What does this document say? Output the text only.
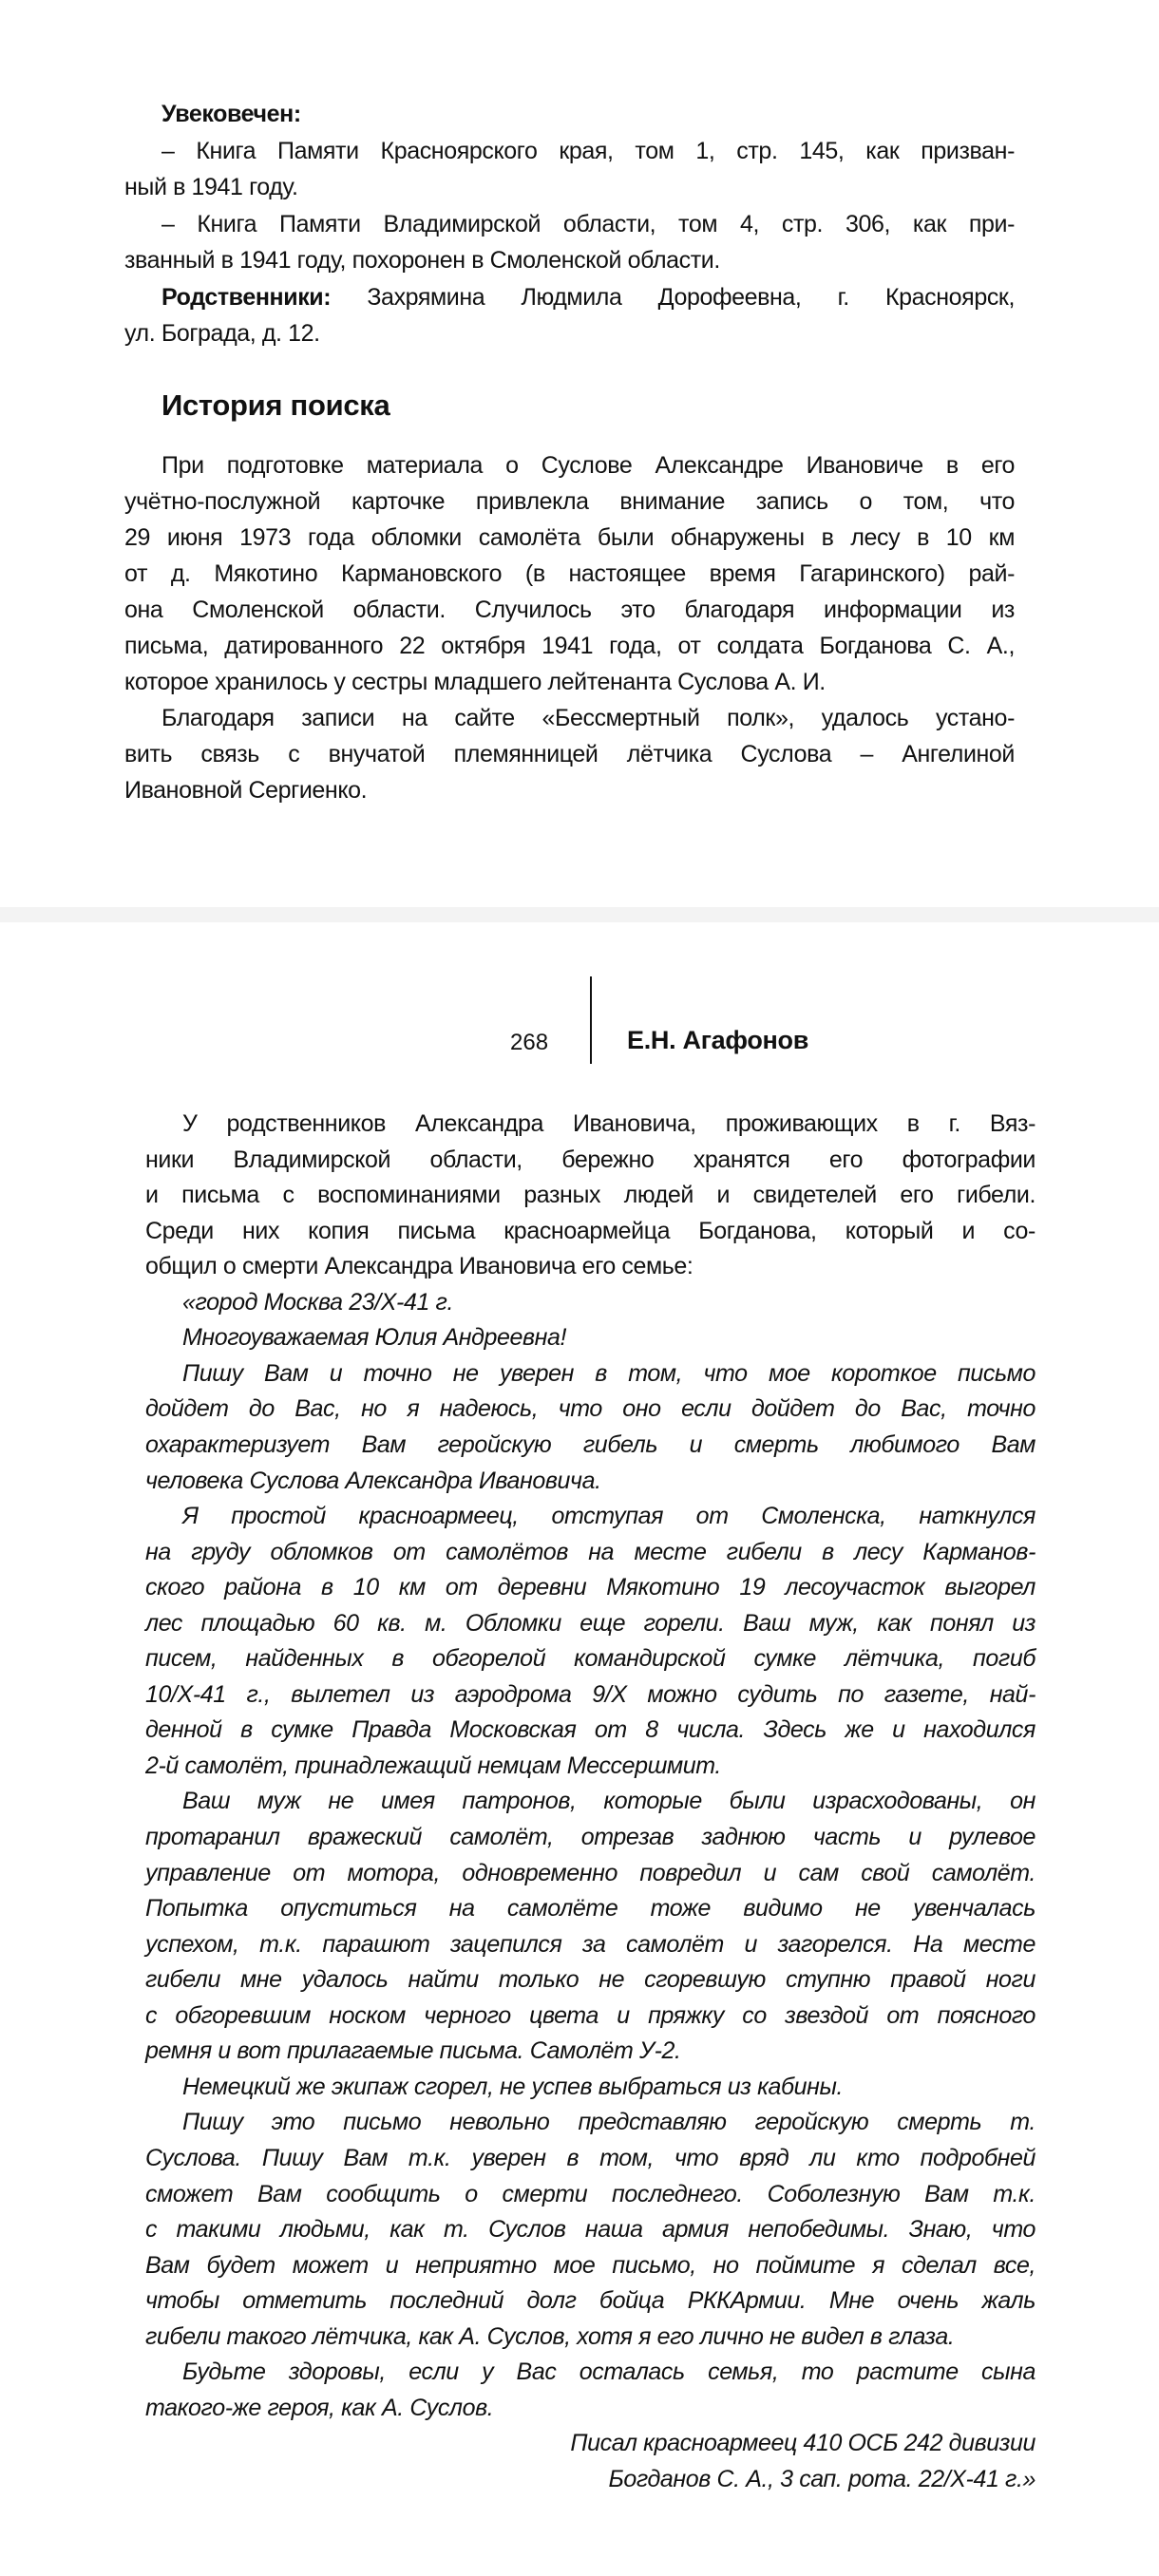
Увековечен:
– Книга Памяти Красноярского края, том 1, стр. 145, как призван-
ный в 1941 году.
– Книга Памяти Владимирской области, том 4, стр. 306, как при-
званный в 1941 году, похоронен в Смоленской области.
Родственники: Захрямина Людмила Дорофеевна, г. Красноярск,
ул. Бограда, д. 12.
История поиска
При подготовке материала о Суслове Александре Ивановиче в его
учётно-послужной карточке привлекла внимание запись о том, что
29 июня 1973 года обломки самолёта были обнаружены в лесу в 10 км
от д. Мякотино Кармановского (в настоящее время Гагаринского) рай-
она Смоленской области. Случилось это благодаря информации из
письма, датированного 22 октября 1941 года, от солдата Богданова С. А.,
которое хранилось у сестры младшего лейтенанта Суслова А. И.
Благодаря записи на сайте «Бессмертный полк», удалось устано-
вить связь с внучатой племянницей лётчика Суслова – Ангелиной
Ивановной Сергиенко.
268	Е.Н. Агафонов
У родственников Александра Ивановича, проживающих в г. Вяз-
ники Владимирской области, бережно хранятся его фотографии
и письма с воспоминаниями разных людей и свидетелей его гибели.
Среди них копия письма красноармейца Богданова, который и со-
общил о смерти Александра Ивановича его семье:
«город Москва 23/Х-41 г.
Многоуважаемая Юлия Андреевна!
Пишу Вам и точно не уверен в том, что мое короткое письмо
дойдет до Вас, но я надеюсь, что оно если дойдет до Вас, точно
охарактеризует Вам геройскую гибель и смерть любимого Вам
человека Суслова Александра Ивановича.
Я простой красноармеец, отступая от Смоленска, наткнулся
на груду обломков от самолётов на месте гибели в лесу Карманов-
ского района в 10 км от деревни Мякотино 19 лесоучасток выгорел
лес площадью 60 кв. м. Обломки еще горели. Ваш муж, как понял из
писем, найденных в обгорелой командирской сумке лётчика, погиб
10/Х-41 г., вылетел из аэродрома 9/Х можно судить по газете, най-
денной в сумке Правда Московская от 8 числа. Здесь же и находился
2-й самолёт, принадлежащий немцам Мессершмит.
Ваш муж не имея патронов, которые были израсходованы, он
протаранил вражеский самолёт, отрезав заднюю часть и рулевое
управление от мотора, одновременно повредил и сам свой самолёт.
Попытка опуститься на самолёте тоже видимо не увенчалась
успехом, т.к. парашют зацепился за самолёт и загорелся. На месте
гибели мне удалось найти только не сгоревшую ступню правой ноги
с обгоревшим носком черного цвета и пряжку со звездой от поясного
ремня и вот прилагаемые письма. Самолёт У-2.
Немецкий же экипаж сгорел, не успев выбраться из кабины.
Пишу это письмо невольно представляю геройскую смерть т.
Суслова. Пишу Вам т.к. уверен в том, что вряд ли кто подробней
сможет Вам сообщить о смерти последнего. Соболезную Вам т.к.
с такими людьми, как т. Суслов наша армия непобедимы. Знаю, что
Вам будет может и неприятно мое письмо, но поймите я сделал все,
чтобы отметить последний долг бойца РККАрмии. Мне очень жаль
гибели такого лётчика, как А. Суслов, хотя я его лично не видел в глаза.
Будьте здоровы, если у Вас осталась семья, то растите сына
такого-же героя, как А. Суслов.
Писал красноармеец 410 ОСБ 242 дивизии
Богданов С. А., 3 сап. рота. 22/Х-41 г.»
